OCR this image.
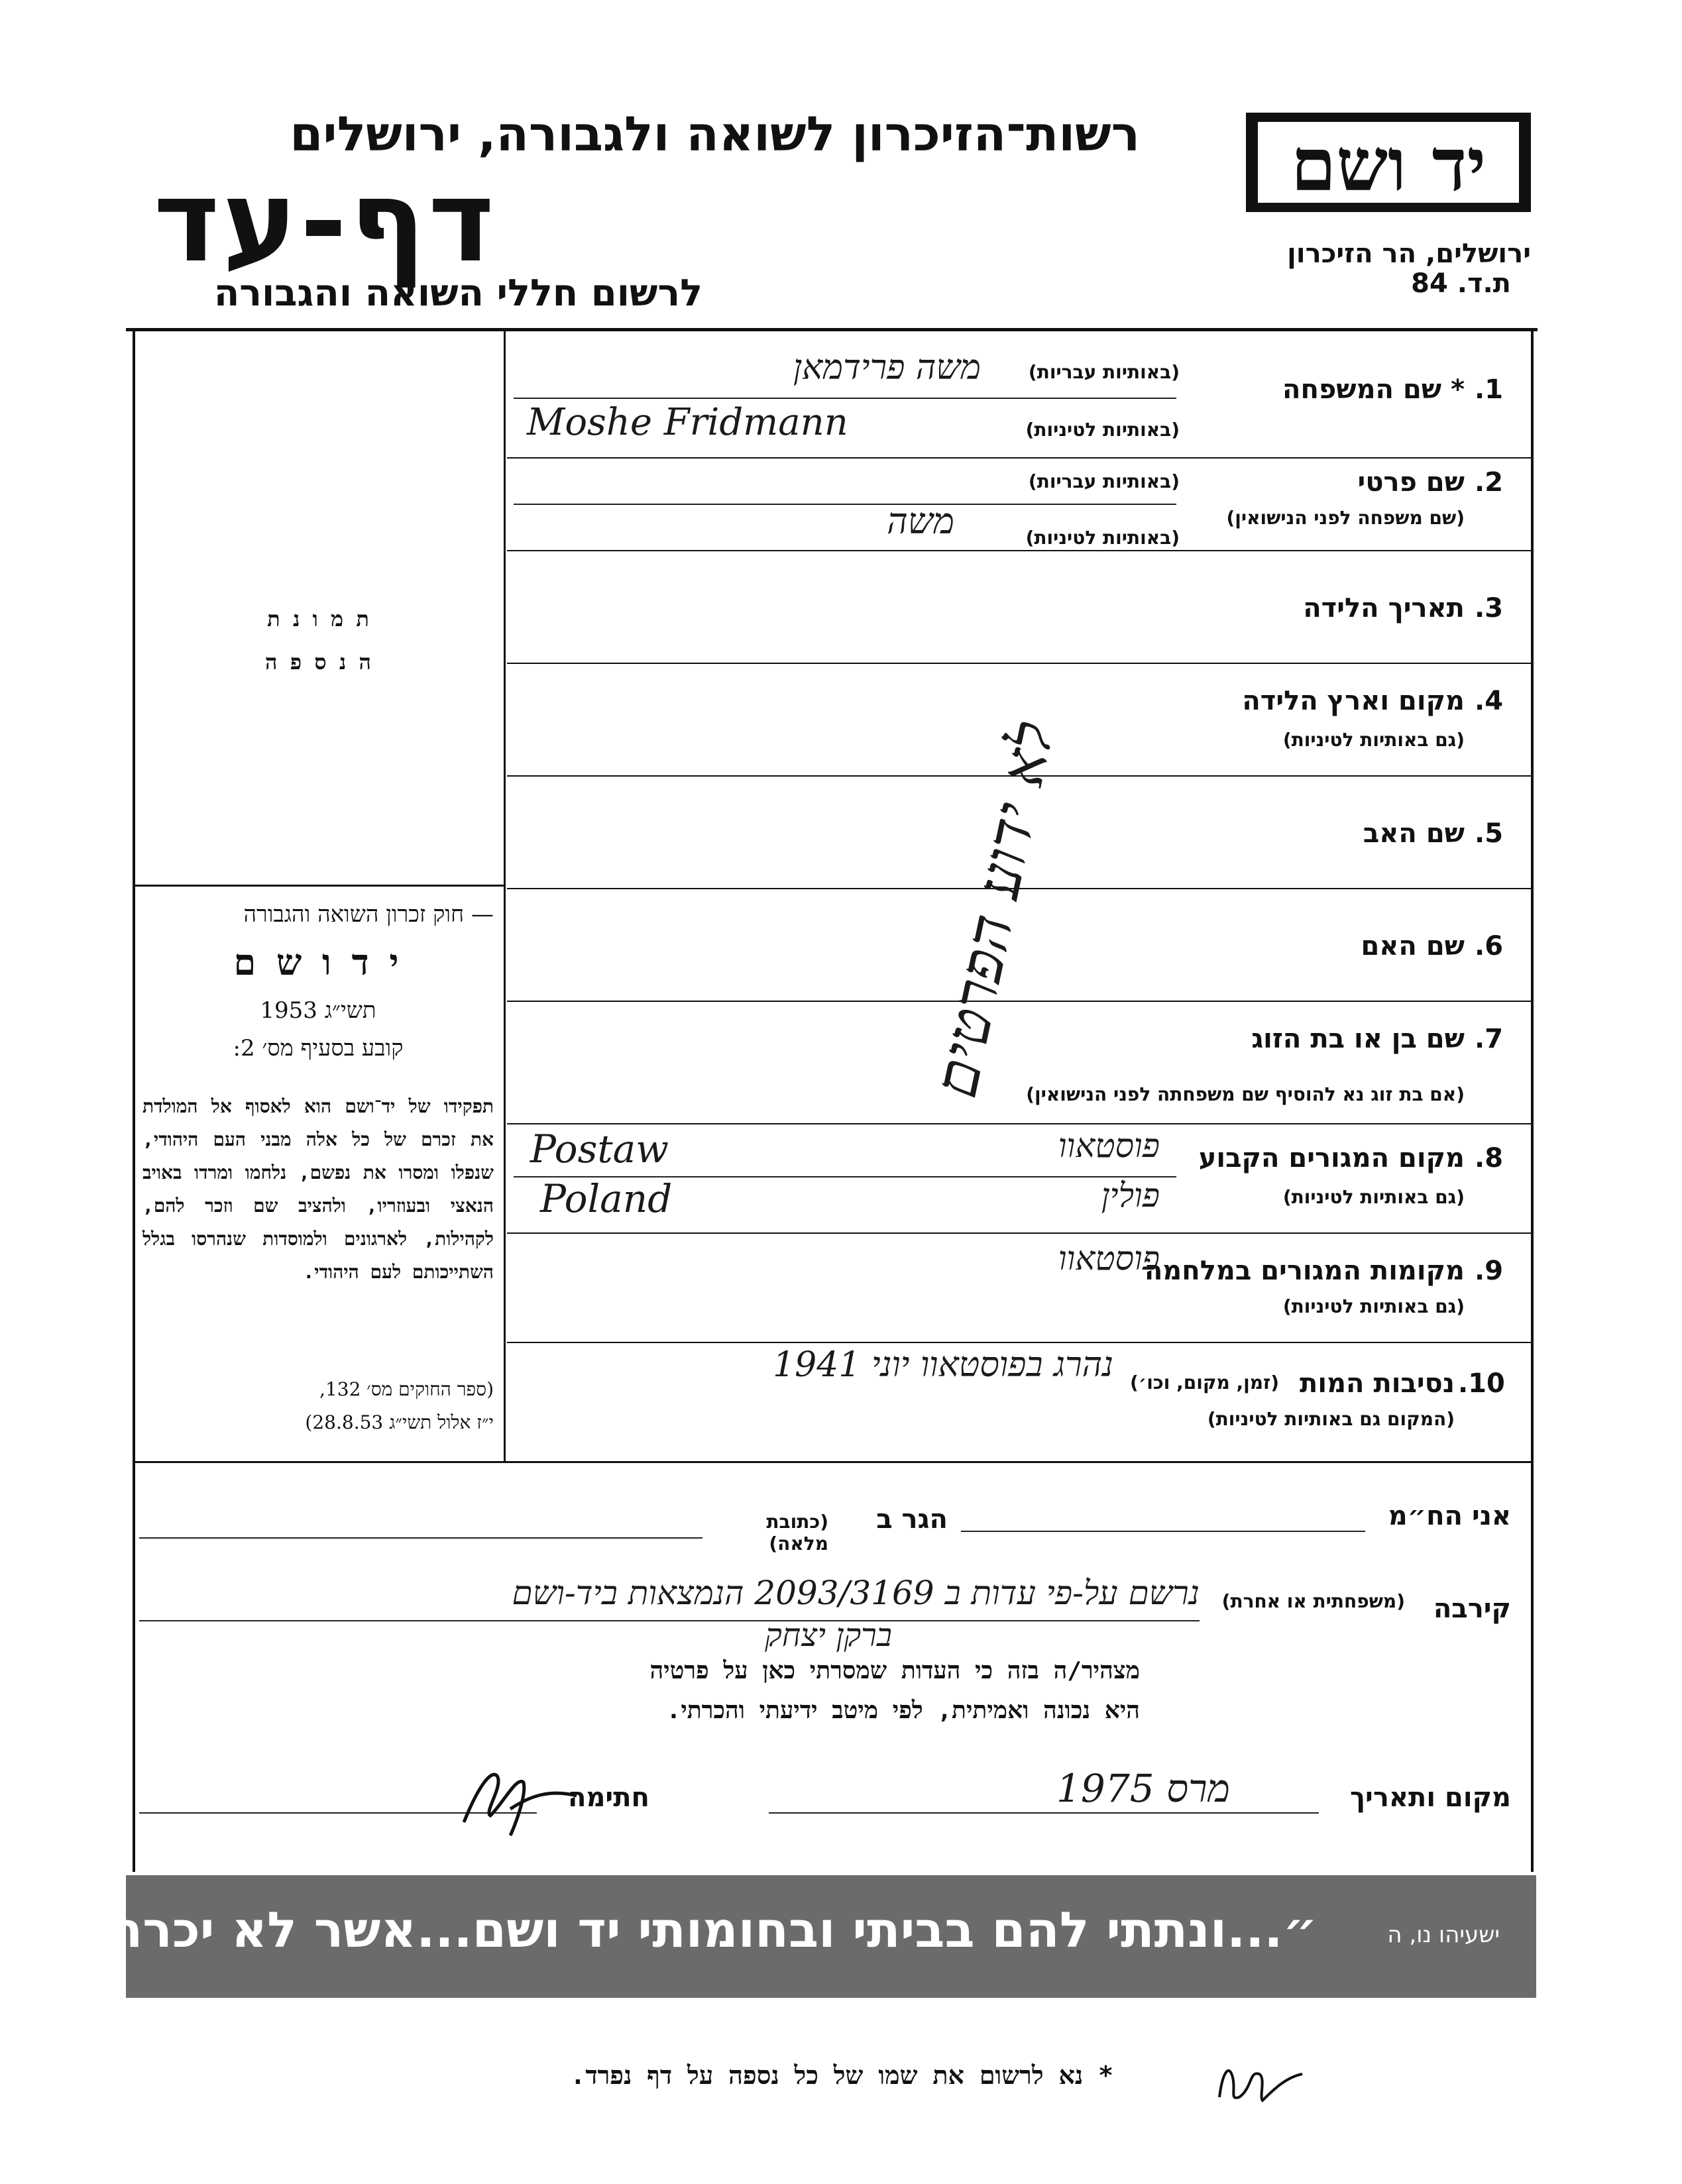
יד ושם
ירושלים, הר הזיכרון
ת.ד. 84
רשות־הזיכרון לשואה ולגבורה, ירושלים
דף-עד
לרשום חללי השואה והגבורה
ת מ ו נ ת
ה נ ס פ ה
— חוק זכרון השואה והגבורה
י ד ו ש ם
תשי״ג 1953
קובע בסעיף מס׳ 2:
תפקידו של יד־ושם הוא לאסוף אל המולדת את זכרם של כל אלה מבני העם היהודי, שנפלו ומסרו את נפשם, נלחמו ומרדו באויב הנאצי ובעוזריו, ולהציב שם וזכר להם, לקהילות, לארגונים ולמוסדות שנהרסו בגלל השתייכותם לעם היהודי.
(ספר החוקים מס׳ 132,
י״ז אלול תשי״ג 28.8.53)
.1
* שם המשפחה
(באותיות עבריות)
(באותיות לטיניות)
משה פרידמאן
Moshe Fridmann
.2
שם פרטי
(שם משפחה לפני הנישואין)
(באותיות עבריות)
(באותיות לטיניות)
משה
.3
תאריך הלידה
.4
מקום וארץ הלידה
(גם באותיות לטיניות)
.5
שם האב
.6
שם האם
.7
שם בן או בת הזוג
(אם בת זוג נא להוסיף שם משפחתה לפני הנישואין)
.8
מקום המגורים הקבוע
(גם באותיות לטיניות)
Postaw
Poland
פוסטאוו
פולין
.9
מקומות המגורים במלחמה
(גם באותיות לטיניות)
פוסטאוו
.10
נסיבות המות
(זמן, מקום, וכו׳)
(המקום גם באותיות לטיניות)
נהרג בפוסטאוו יוני 1941
לא ידוע הפרטים
אני הח״מ
הגר ב
(כתובת מלאה)
קירבה
(משפחתית או אחרת)
נרשם על-פי עדות ב 2093/3169 הנמצאות ביד-ושם
ברקן יצחק
מצהיר/ה בזה כי העדות שמסרתי כאן על פרטיה
היא נכונה ואמיתית, לפי מיטב ידיעתי והכרתי.
מקום ותאריך
מרס 1975
חתימה
״...ונתתי להם בביתי ובחומותי יד ושם...אשר לא יכרת״	ישעיהו נו, ה
* נא לרשום את שמו של כל נספה על דף נפרד.
